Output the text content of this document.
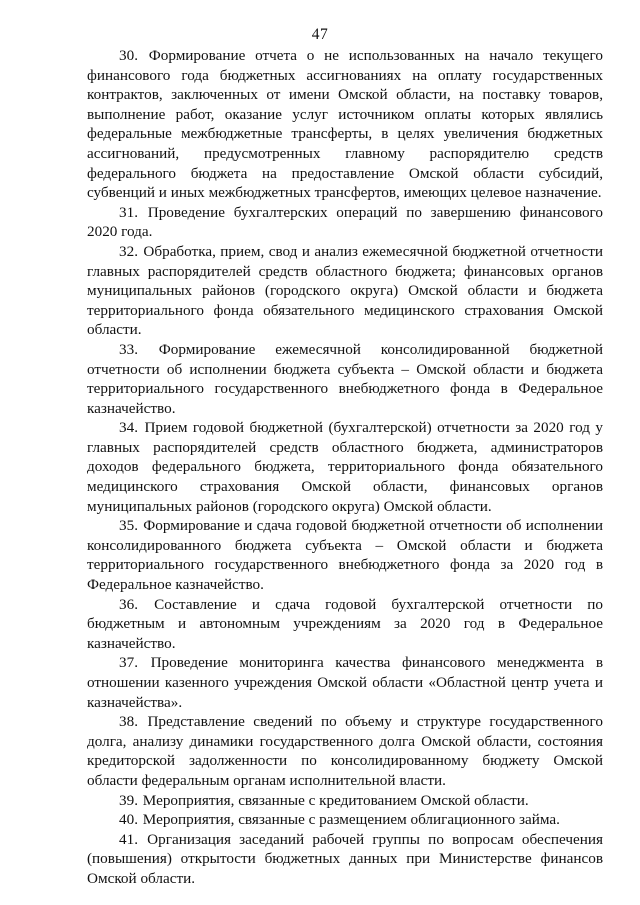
47

30. Формирование отчета о не использованных на начало текущего финансового года бюджетных ассигнованиях на оплату государственных контрактов, заключенных от имени Омской области, на поставку товаров, выполнение работ, оказание услуг источником оплаты которых являлись федеральные межбюджетные трансферты, в целях увеличения бюджетных ассигнований, предусмотренных главному распорядителю средств федерального бюджета на предоставление Омской области субсидий, субвенций и иных межбюджетных трансфертов, имеющих целевое назначение.

31. Проведение бухгалтерских операций по завершению финансового 2020 года.

32. Обработка, прием, свод и анализ ежемесячной бюджетной отчетности главных распорядителей средств областного бюджета; финансовых органов муниципальных районов (городского округа) Омской области и бюджета территориального фонда обязательного медицинского страхования Омской области.

33. Формирование ежемесячной консолидированной бюджетной отчетности об исполнении бюджета субъекта – Омской области и бюджета территориального государственного внебюджетного фонда в Федеральное казначейство.

34. Прием годовой бюджетной (бухгалтерской) отчетности за 2020 год у главных распорядителей средств областного бюджета, администраторов доходов федерального бюджета, территориального фонда обязательного медицинского страхования Омской области, финансовых органов муниципальных районов (городского округа) Омской области.

35. Формирование и сдача годовой бюджетной отчетности об исполнении консолидированного бюджета субъекта – Омской области и бюджета территориального государственного внебюджетного фонда за 2020 год в Федеральное казначейство.

36. Составление и сдача годовой бухгалтерской отчетности по бюджетным и автономным учреждениям за 2020 год в Федеральное казначейство.

37. Проведение мониторинга качества финансового менеджмента в отношении казенного учреждения Омской области «Областной центр учета и казначейства».

38. Представление сведений по объему и структуре государственного долга, анализу динамики государственного долга Омской области, состояния кредиторской задолженности по консолидированному бюджету Омской области федеральным органам исполнительной власти.

39. Мероприятия, связанные с кредитованием Омской области.

40. Мероприятия, связанные с размещением облигационного займа.

41. Организация заседаний рабочей группы по вопросам обеспечения (повышения) открытости бюджетных данных при Министерстве финансов Омской области.
